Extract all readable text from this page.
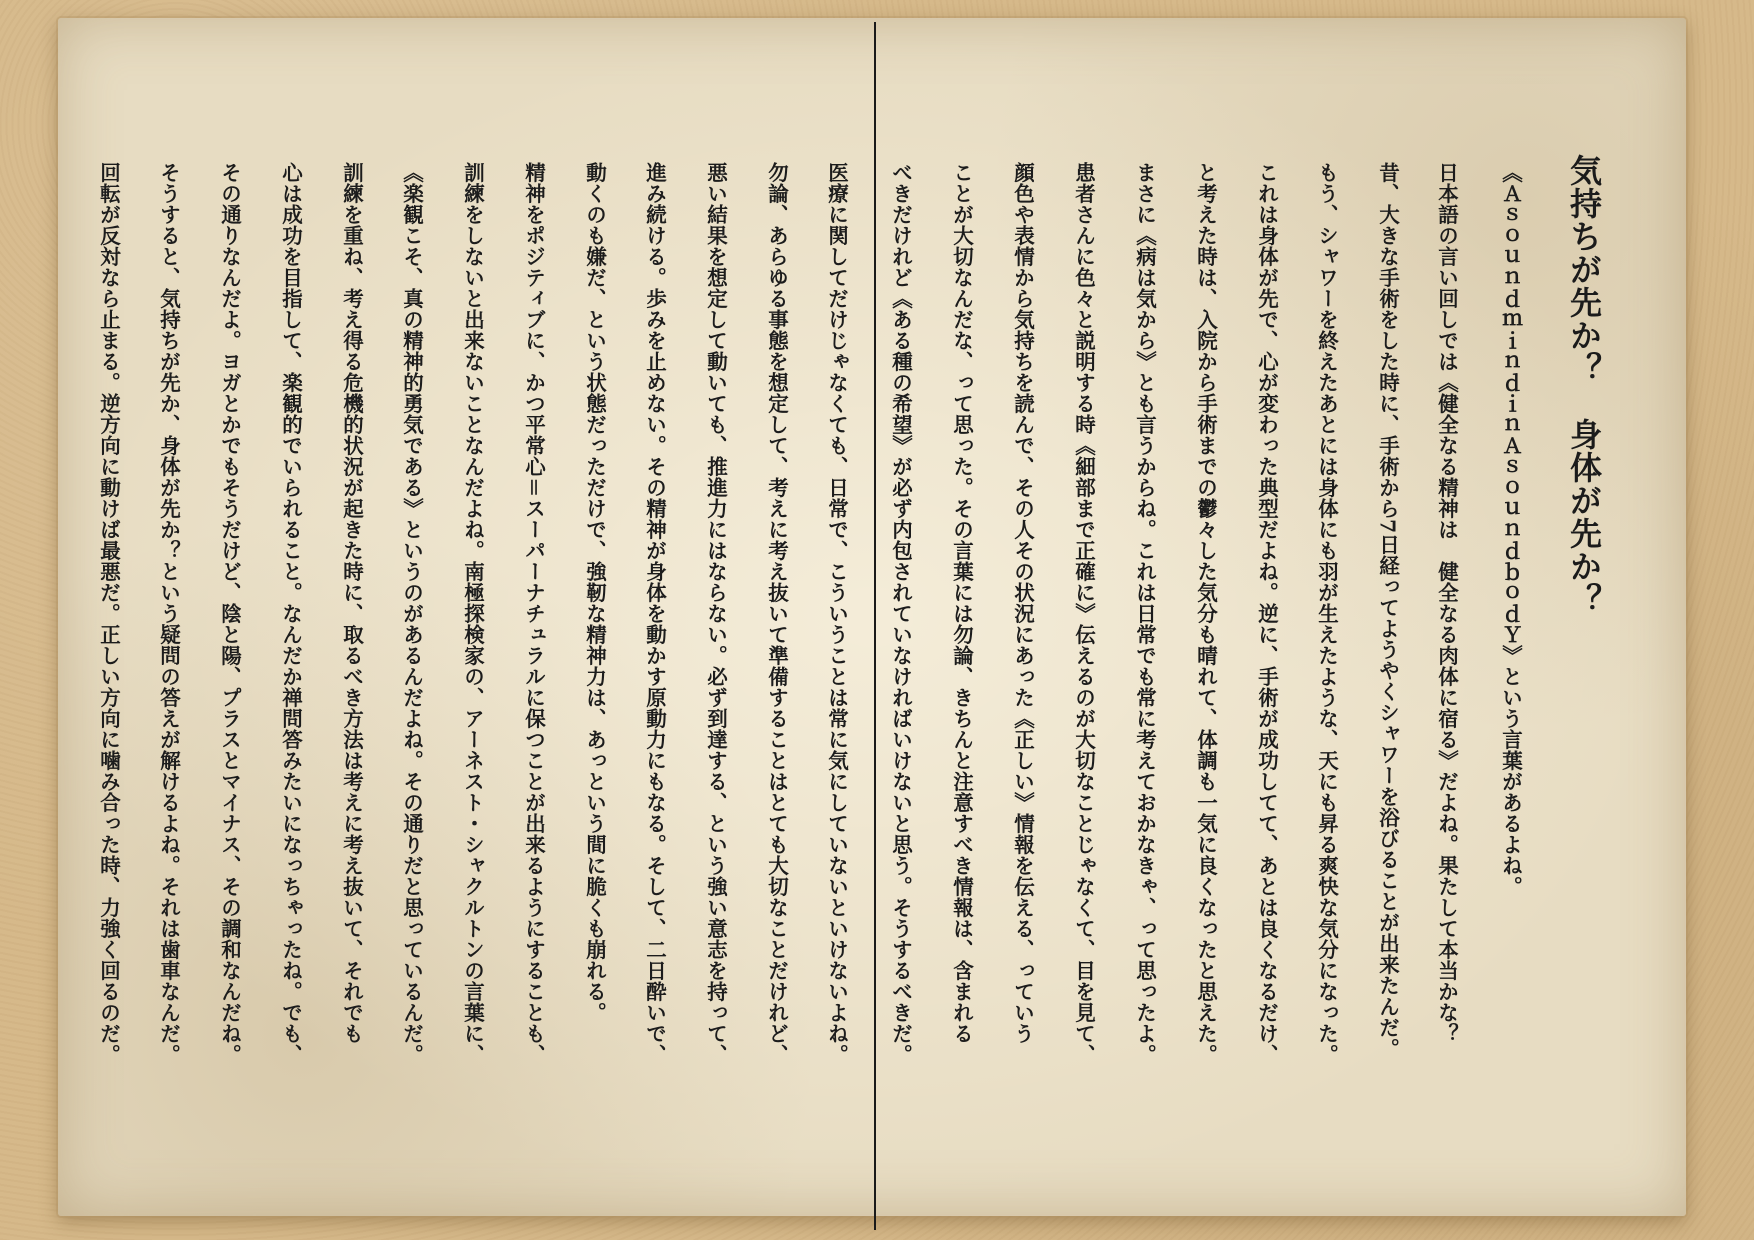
気持ちが先か？　身体が先か？

《ＡｓｏｕｎｄｍｉｎｄｉｎＡｓｏｕｎｄｂｏｄＹ》という言葉があるよね。

日本語の言い回しでは《健全なる精神は　健全なる肉体に宿る》だよね。果たして本当かな？

昔、大きな手術をした時に、手術から7日経ってようやくシャワーを浴びることが出来たんだ。

もう、シャワーを終えたあとには身体にも羽が生えたような、天にも昇る爽快な気分になった。

これは身体が先で、心が変わった典型だよね。逆に、手術が成功してて、あとは良くなるだけ、

と考えた時は、入院から手術までの鬱々した気分も晴れて、体調も一気に良くなったと思えた。

まさに《病は気から》とも言うからね。これは日常でも常に考えておかなきゃ、って思ったよ。

患者さんに色々と説明する時《細部まで正確に》伝えるのが大切なことじゃなくて、目を見て、

顔色や表情から気持ちを読んで、その人その状況にあった《正しい》情報を伝える、っていう

ことが大切なんだな、って思った。その言葉には勿論、きちんと注意すべき情報は、含まれる

べきだけれど《ある種の希望》が必ず内包されていなければいけないと思う。そうするべきだ。

医療に関してだけじゃなくても、日常で、こういうことは常に気にしていないといけないよね。

勿論、あらゆる事態を想定して、考えに考え抜いて準備することはとても大切なことだけれど、

悪い結果を想定して動いても、推進力にはならない。必ず到達する、という強い意志を持って、

進み続ける。歩みを止めない。その精神が身体を動かす原動力にもなる。そして、二日酔いで、

動くのも嫌だ、という状態だっただけで、強靭な精神力は、あっという間に脆くも崩れる。

精神をポジティブに、かつ平常心＝スーパーナチュラルに保つことが出来るようにすることも、

訓練をしないと出来ないことなんだよね。南極探検家の、アーネスト・シャクルトンの言葉に、

《楽観こそ、真の精神的勇気である》というのがあるんだよね。その通りだと思っているんだ。

訓練を重ね、考え得る危機的状況が起きた時に、取るべき方法は考えに考え抜いて、それでも

心は成功を目指して、楽観的でいられること。なんだか禅問答みたいになっちゃったね。でも、

その通りなんだよ。ヨガとかでもそうだけど、陰と陽、プラスとマイナス、その調和なんだね。

そうすると、気持ちが先か、身体が先か？という疑問の答えが解けるよね。それは歯車なんだ。

回転が反対なら止まる。逆方向に動けば最悪だ。正しい方向に噛み合った時、力強く回るのだ。
